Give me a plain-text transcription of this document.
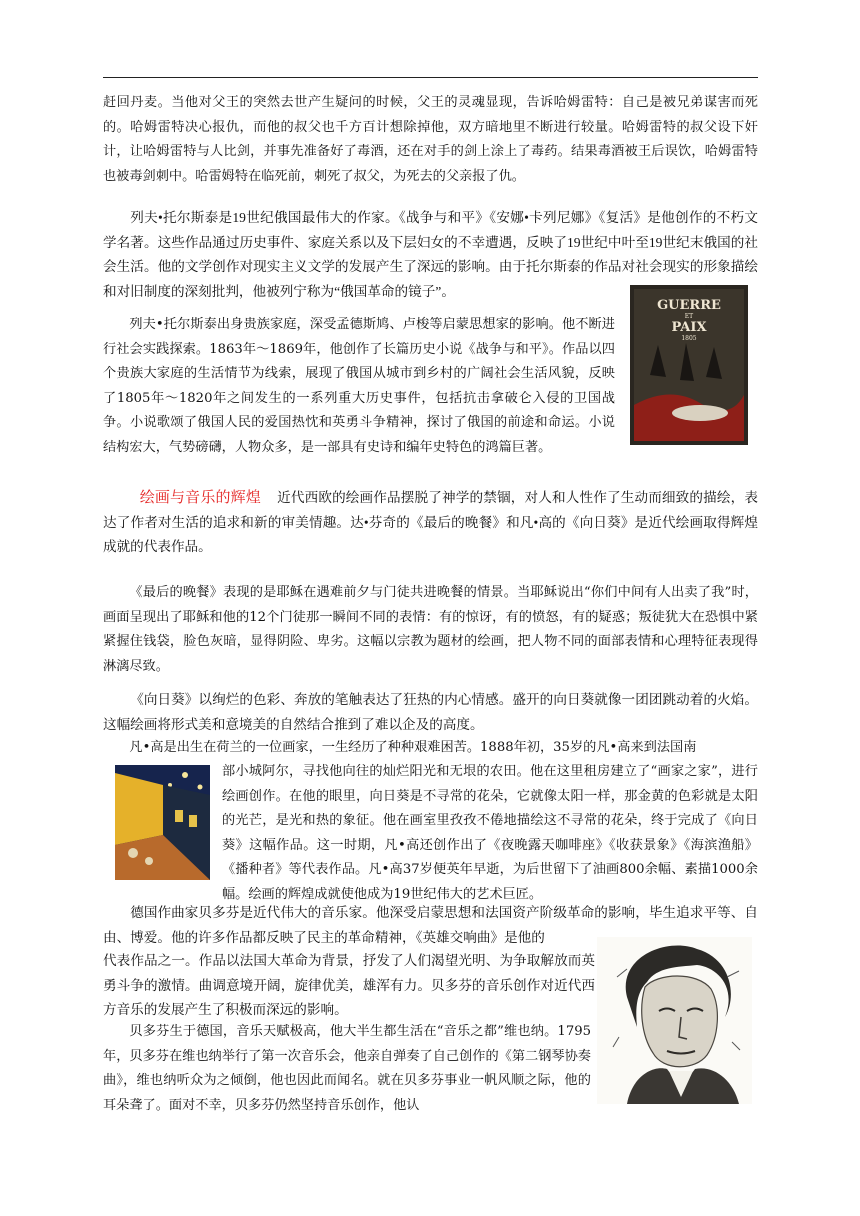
赶回丹麦。当他对父王的突然去世产生疑问的时候，父王的灵魂显现，告诉哈姆雷特：自己是被兄弟谋害而死的。哈姆雷特决心报仇，而他的叔父也千方百计想除掉他，双方暗地里不断进行较量。哈姆雷特的叔父设下奸计，让哈姆雷特与人比剑，并事先准备好了毒酒，还在对手的剑上涂上了毒药。结果毒酒被王后误饮，哈姆雷特也被毒剑刺中。哈雷姆特在临死前，刺死了叔父，为死去的父亲报了仇。

列夫•托尔斯泰是19世纪俄国最伟大的作家。《战争与和平》《安娜•卡列尼娜》《复活》是他创作的不朽文学名著。这些作品通过历史事件、家庭关系以及下层妇女的不幸遭遇，反映了19世纪中叶至19世纪末俄国的社会生活。他的文学创作对现实主义文学的发展产生了深远的影响。由于托尔斯泰的作品对社会现实的形象描绘和对旧制度的深刻批判，他被列宁称为“俄国革命的镜子”。

列夫•托尔斯泰出身贵族家庭，深受孟德斯鸠、卢梭等启蒙思想家的影响。他不断进行社会实践探索。1863年～1869年，他创作了长篇历史小说《战争与和平》。作品以四个贵族大家庭的生活情节为线索，展现了俄国从城市到乡村的广阔社会生活风貌，反映了1805年～1820年之间发生的一系列重大历史事件，包括抗击拿破仑入侵的卫国战争。小说歌颂了俄国人民的爱国热忱和英勇斗争精神，探讨了俄国的前途和命运。小说结构宏大，气势磅礴，人物众多，是一部具有史诗和编年史特色的鸿篇巨著。

GUERRE
ET
PAIX
1805

绘画与音乐的辉煌 近代西欧的绘画作品摆脱了神学的禁锢，对人和人性作了生动而细致的描绘，表达了作者对生活的追求和新的审美情趣。达•芬奇的《最后的晚餐》和凡•高的《向日葵》是近代绘画取得辉煌成就的代表作品。

《最后的晚餐》表现的是耶稣在遇难前夕与门徒共进晚餐的情景。当耶稣说出“你们中间有人出卖了我”时，画面呈现出了耶稣和他的12个门徒那一瞬间不同的表情：有的惊讶，有的愤怒，有的疑惑；叛徒犹大在恐惧中紧紧握住钱袋，脸色灰暗，显得阴险、卑劣。这幅以宗教为题材的绘画，把人物不同的面部表情和心理特征表现得淋漓尽致。

《向日葵》以绚烂的色彩、奔放的笔触表达了狂热的内心情感。盛开的向日葵就像一团团跳动着的火焰。这幅绘画将形式美和意境美的自然结合推到了难以企及的高度。

凡•高是出生在荷兰的一位画家，一生经历了种种艰难困苦。1888年初，35岁的凡•高来到法国南

部小城阿尔，寻找他向往的灿烂阳光和无垠的农田。他在这里租房建立了“画家之家”，进行绘画创作。在他的眼里，向日葵是不寻常的花朵，它就像太阳一样，那金黄的色彩就是太阳的光芒，是光和热的象征。他在画室里孜孜不倦地描绘这不寻常的花朵，终于完成了《向日葵》这幅作品。这一时期，凡•高还创作出了《夜晚露天咖啡座》《收获景象》《海滨渔船》《播种者》等代表作品。凡•高37岁便英年早逝，为后世留下了油画800余幅、素描1000余幅。绘画的辉煌成就使他成为19世纪伟大的艺术巨匠。

德国作曲家贝多芬是近代伟大的音乐家。他深受启蒙思想和法国资产阶级革命的影响，毕生追求平等、自由、博爱。他的许多作品都反映了民主的革命精神，《英雄交响曲》是他的

代表作品之一。作品以法国大革命为背景，抒发了人们渴望光明、为争取解放而英勇斗争的激情。曲调意境开阔，旋律优美，雄浑有力。贝多芬的音乐创作对近代西方音乐的发展产生了积极而深远的影响。

贝多芬生于德国，音乐天赋极高，他大半生都生活在“音乐之都”维也纳。1795年，贝多芬在维也纳举行了第一次音乐会，他亲自弹奏了自己创作的《第二钢琴协奏曲》，维也纳听众为之倾倒，他也因此而闻名。就在贝多芬事业一帆风顺之际，他的耳朵聋了。面对不幸，贝多芬仍然坚持音乐创作，他认
